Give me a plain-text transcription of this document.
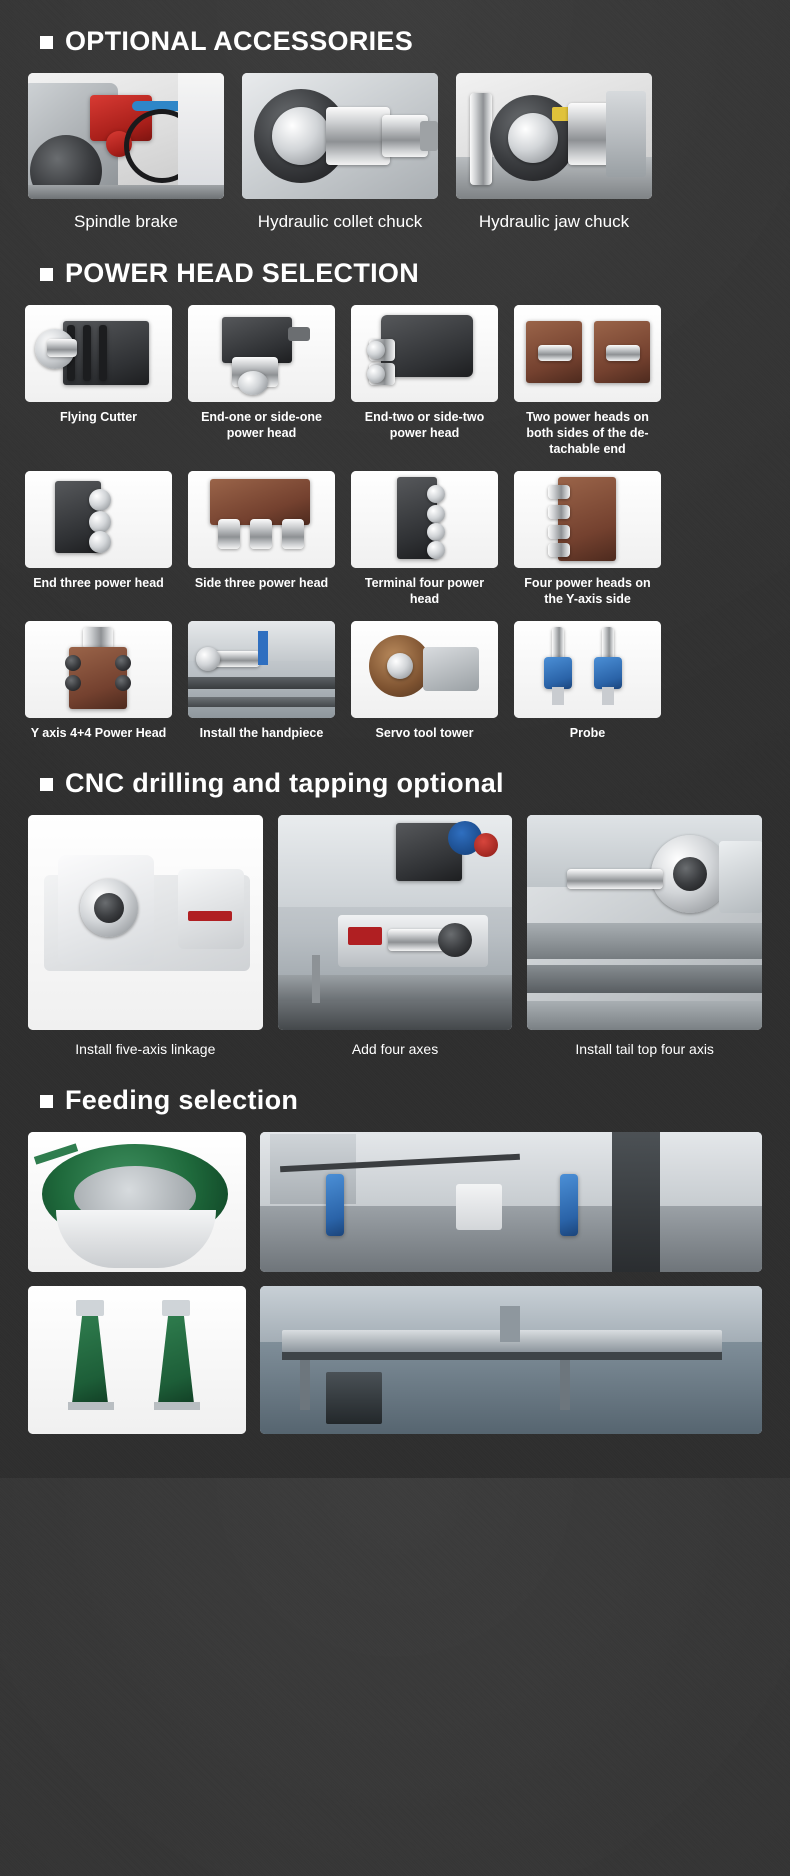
OPTIONAL ACCESSORIES
Spindle brake	Hydraulic collet chuck	Hydraulic jaw chuck
POWER HEAD SELECTION
Flying Cutter	End-one or side-one power head
End-two or side-two power head
Two power heads on both sides of the de-tachable end
End three power head	Side three power head	Terminal four power head
Four power heads on the Y-axis side
Y axis 4+4 Power Head	Install the handpiece	Servo tool tower	Probe
CNC drilling and tapping optional
Install five-axis linkage	Add four axes	Install tail top four axis
Feeding selection
